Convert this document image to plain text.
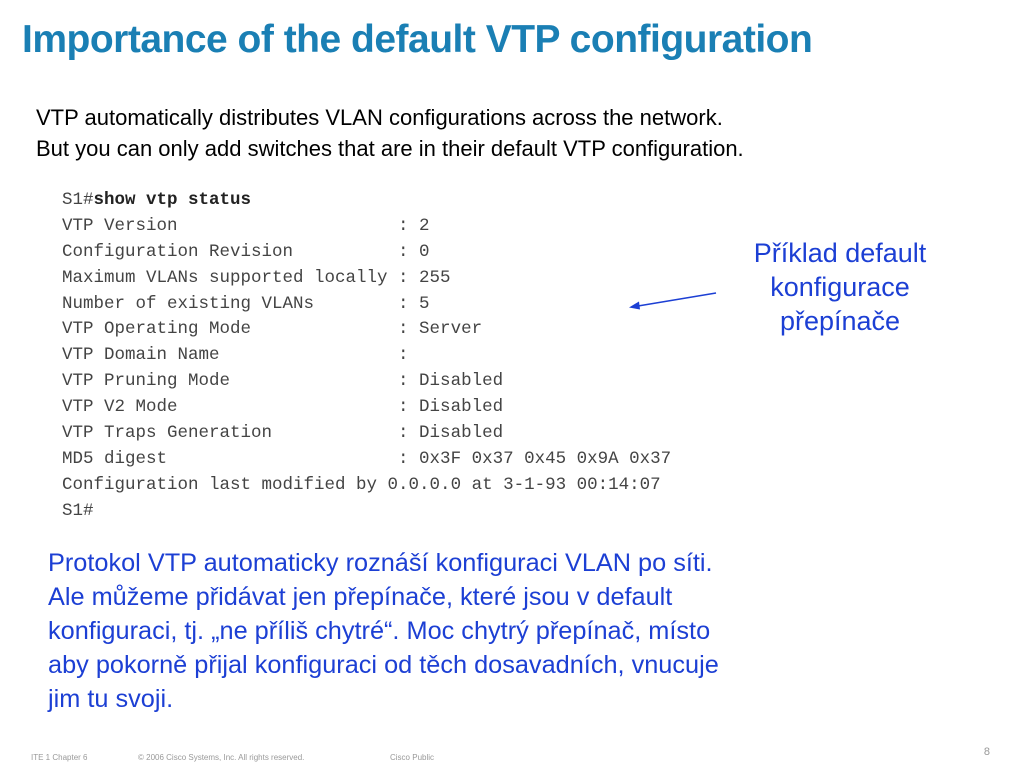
Importance of the default VTP configuration
VTP automatically distributes VLAN configurations across the network.
But you can only add switches that are in their default VTP configuration.
S1#show vtp status
VTP Version                     : 2
Configuration Revision          : 0
Maximum VLANs supported locally : 255
Number of existing VLANs        : 5
VTP Operating Mode              : Server
VTP Domain Name                 :
VTP Pruning Mode                : Disabled
VTP V2 Mode                     : Disabled
VTP Traps Generation            : Disabled
MD5 digest                      : 0x3F 0x37 0x45 0x9A 0x37
Configuration last modified by 0.0.0.0 at 3-1-93 00:14:07
S1#
Příklad default
konfigurace
přepínače
Protokol VTP automaticky roznáší konfiguraci VLAN po síti.
Ale můžeme přidávat jen přepínače, které jsou v default
konfiguraci, tj. „ne příliš chytré“. Moc chytrý přepínač, místo
aby pokorně přijal konfiguraci od těch dosavadních, vnucuje
jim tu svoji.
ITE 1 Chapter 6	© 2006 Cisco Systems, Inc. All rights reserved.	Cisco Public	8
